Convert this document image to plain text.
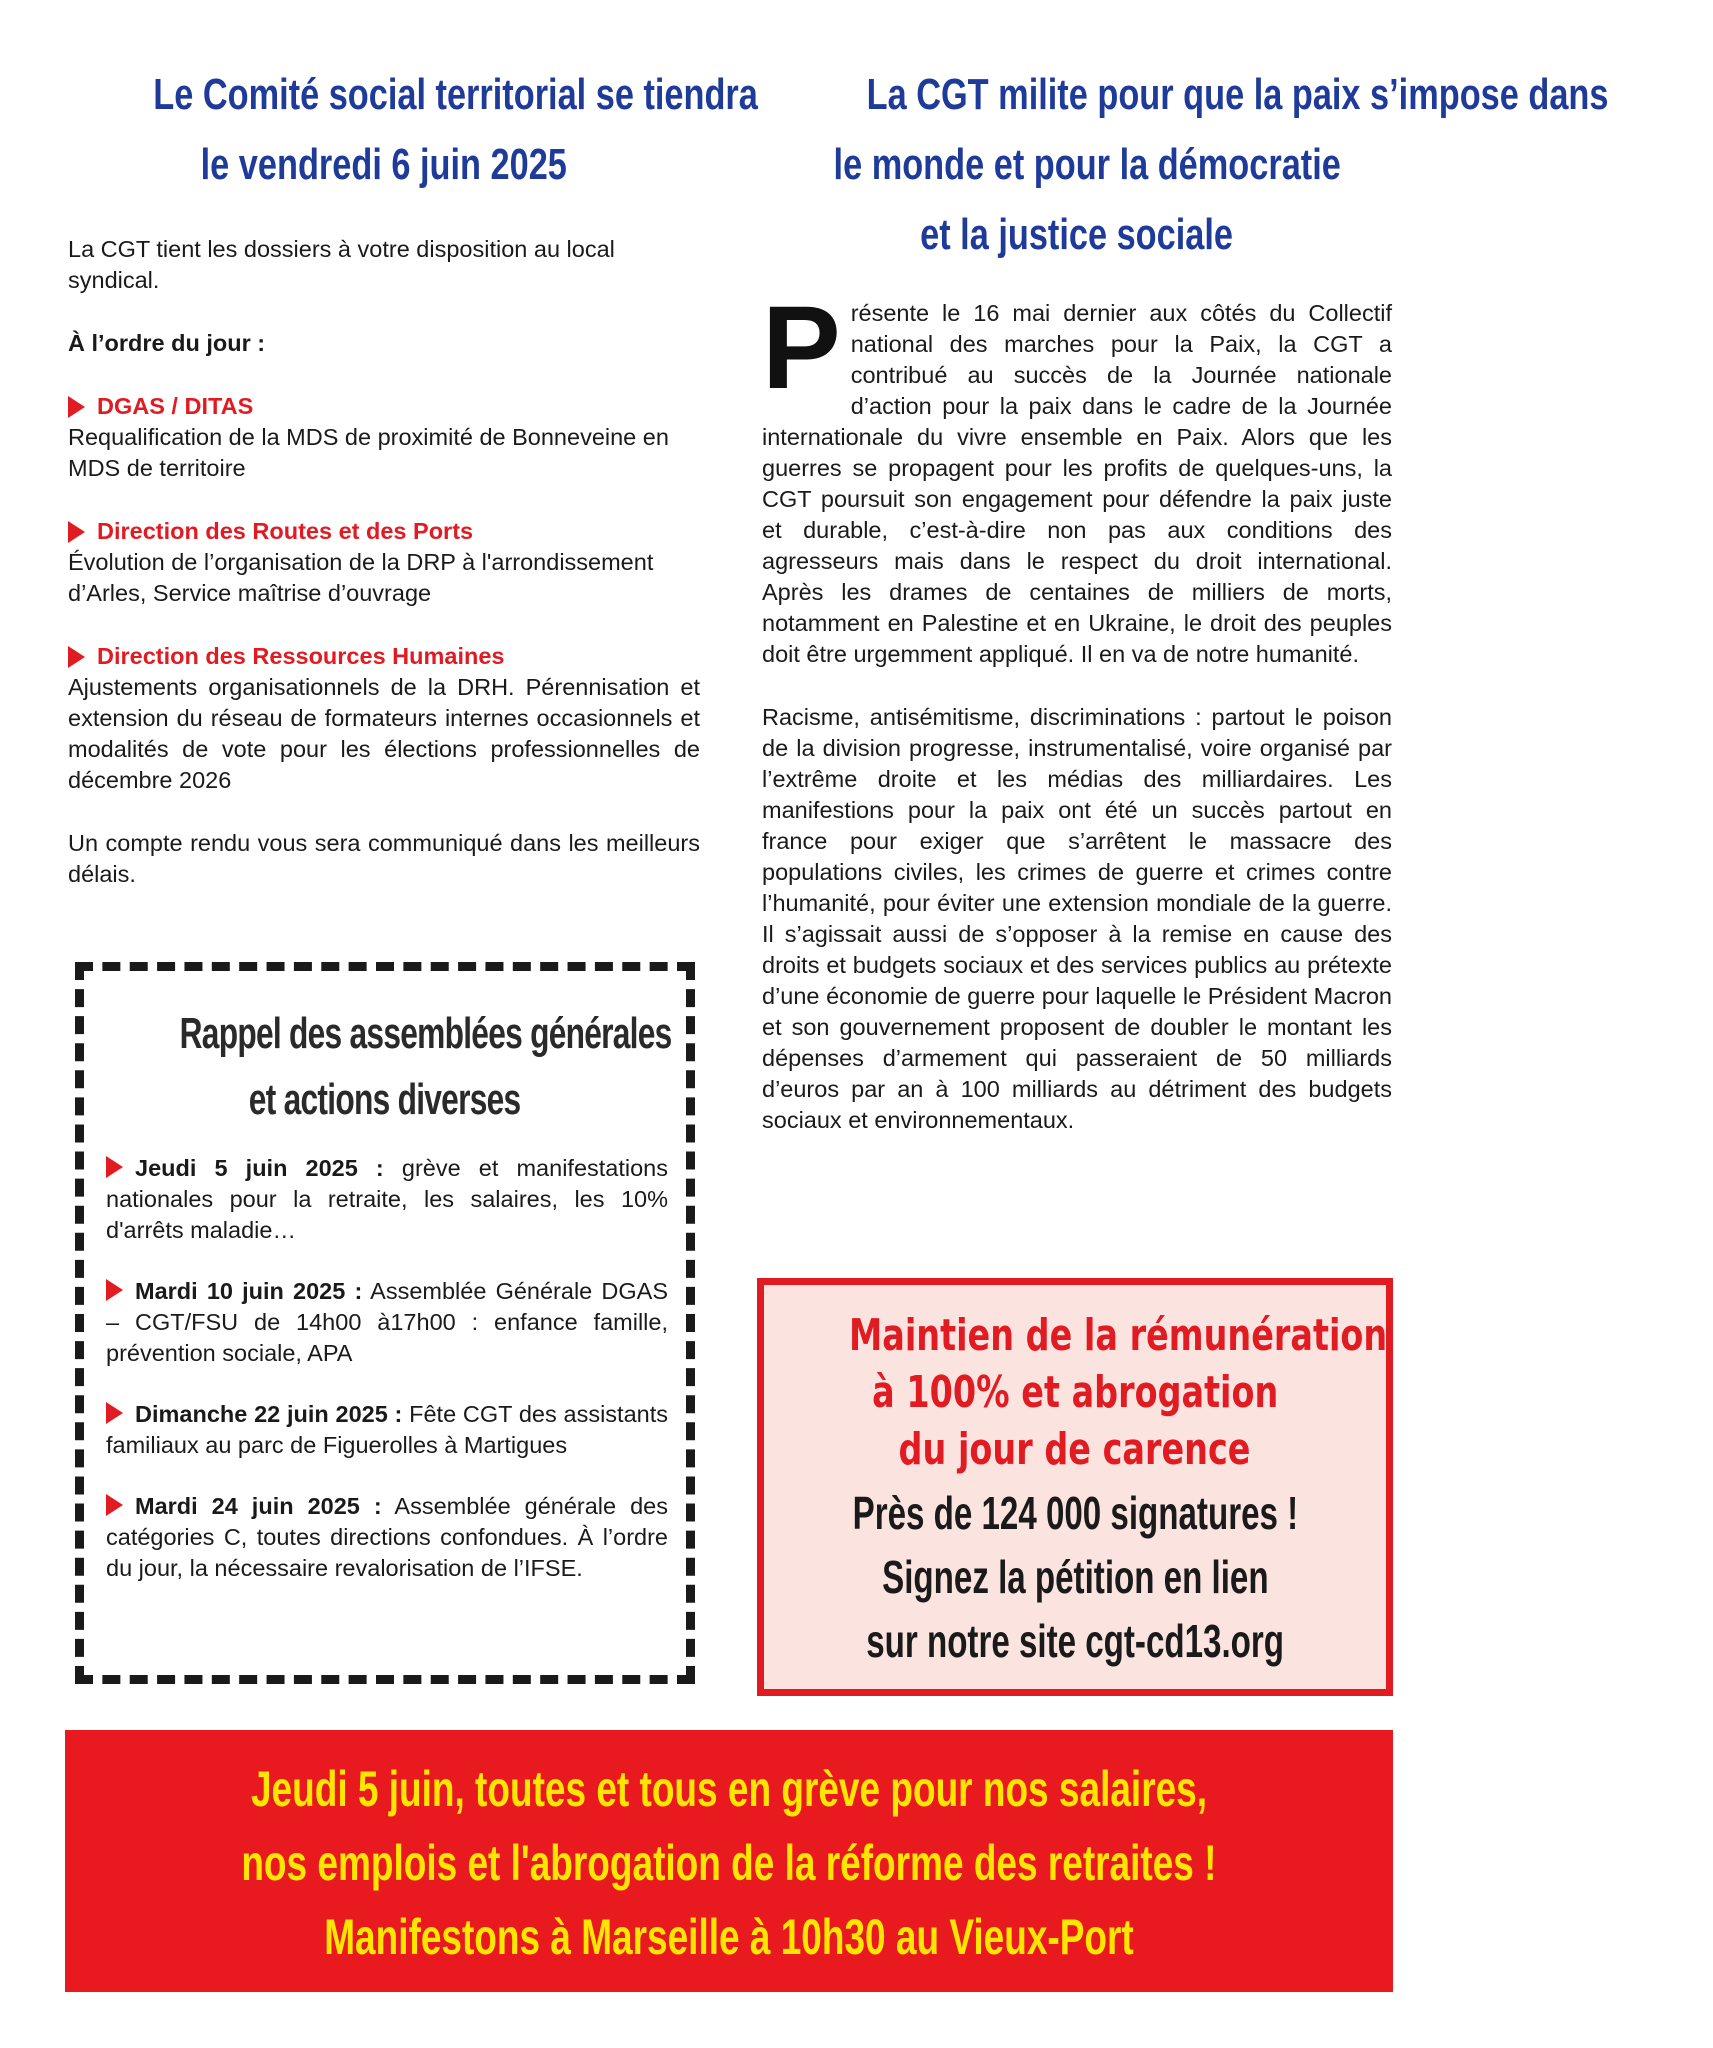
Le Comité social territorial se tiendra
le vendredi 6 juin 2025
La CGT tient les dossiers à votre disposition au local syndical.
À l’ordre du jour :
DGAS / DITAS
Requalification de la MDS de proximité de Bonneveine en MDS de territoire
Direction des Routes et des Ports
Évolution de l’organisation de la DRP à l'arrondissement d’Arles, Service maîtrise d’ouvrage
Direction des Ressources Humaines
Ajustements organisationnels de la DRH. Pérennisation et extension du réseau de formateurs internes occasionnels et modalités de vote pour les élections professionnelles de décembre 2026
Un compte rendu vous sera communiqué dans les meilleurs délais.
La CGT milite pour que la paix s’impose dans
le monde et pour la démocratie
et la justice sociale
Présente le 16 mai dernier aux côtés du Collectif national des marches pour la Paix, la CGT a contribué au succès de la Journée nationale d’action pour la paix dans le cadre de la Journée internationale du vivre ensemble en Paix. Alors que les guerres se propagent pour les profits de quelques-uns, la CGT poursuit son engagement pour défendre la paix juste et durable, c’est-à-dire non pas aux conditions des agresseurs mais dans le respect du droit international. Après les drames de centaines de milliers de morts, notamment en Palestine et en Ukraine, le droit des peuples doit être urgemment appliqué. Il en va de notre humanité.
Racisme, antisémitisme, discriminations : partout le poison de la division progresse, instrumentalisé, voire organisé par l’extrême droite et les médias des milliardaires. Les manifestions pour la paix ont été un succès partout en france pour exiger que s’arrêtent le massacre des populations civiles, les crimes de guerre et crimes contre l’humanité, pour éviter une extension mondiale de la guerre. Il s’agissait aussi de s’opposer à la remise en cause des droits et budgets sociaux et des services publics au prétexte d’une économie de guerre pour laquelle le Président Macron et son gouvernement proposent de doubler le montant les dépenses d’armement qui passeraient de 50 milliards d’euros par an à 100 milliards au détriment des budgets sociaux et environnementaux.
Rappel des assemblées générales
et actions diverses
Jeudi 5 juin 2025 : grève et manifestations nationales pour la retraite, les salaires, les 10% d'arrêts maladie…
Mardi 10 juin 2025 : Assemblée Générale DGAS – CGT/FSU de 14h00 à17h00 : enfance famille, prévention sociale, APA
Dimanche 22 juin 2025 : Fête CGT des assistants familiaux au parc de Figuerolles à Martigues
Mardi 24 juin 2025 : Assemblée générale des catégories C, toutes directions confondues. À l’ordre du jour, la nécessaire revalorisation de l’IFSE.
Maintien de la rémunération
à 100% et abrogation
du jour de carence
Près de 124 000 signatures !
Signez la pétition en lien
sur notre site cgt-cd13.org
Jeudi 5 juin, toutes et tous en grève pour nos salaires,
nos emplois et l'abrogation de la réforme des retraites !
Manifestons à Marseille à 10h30 au Vieux-Port
